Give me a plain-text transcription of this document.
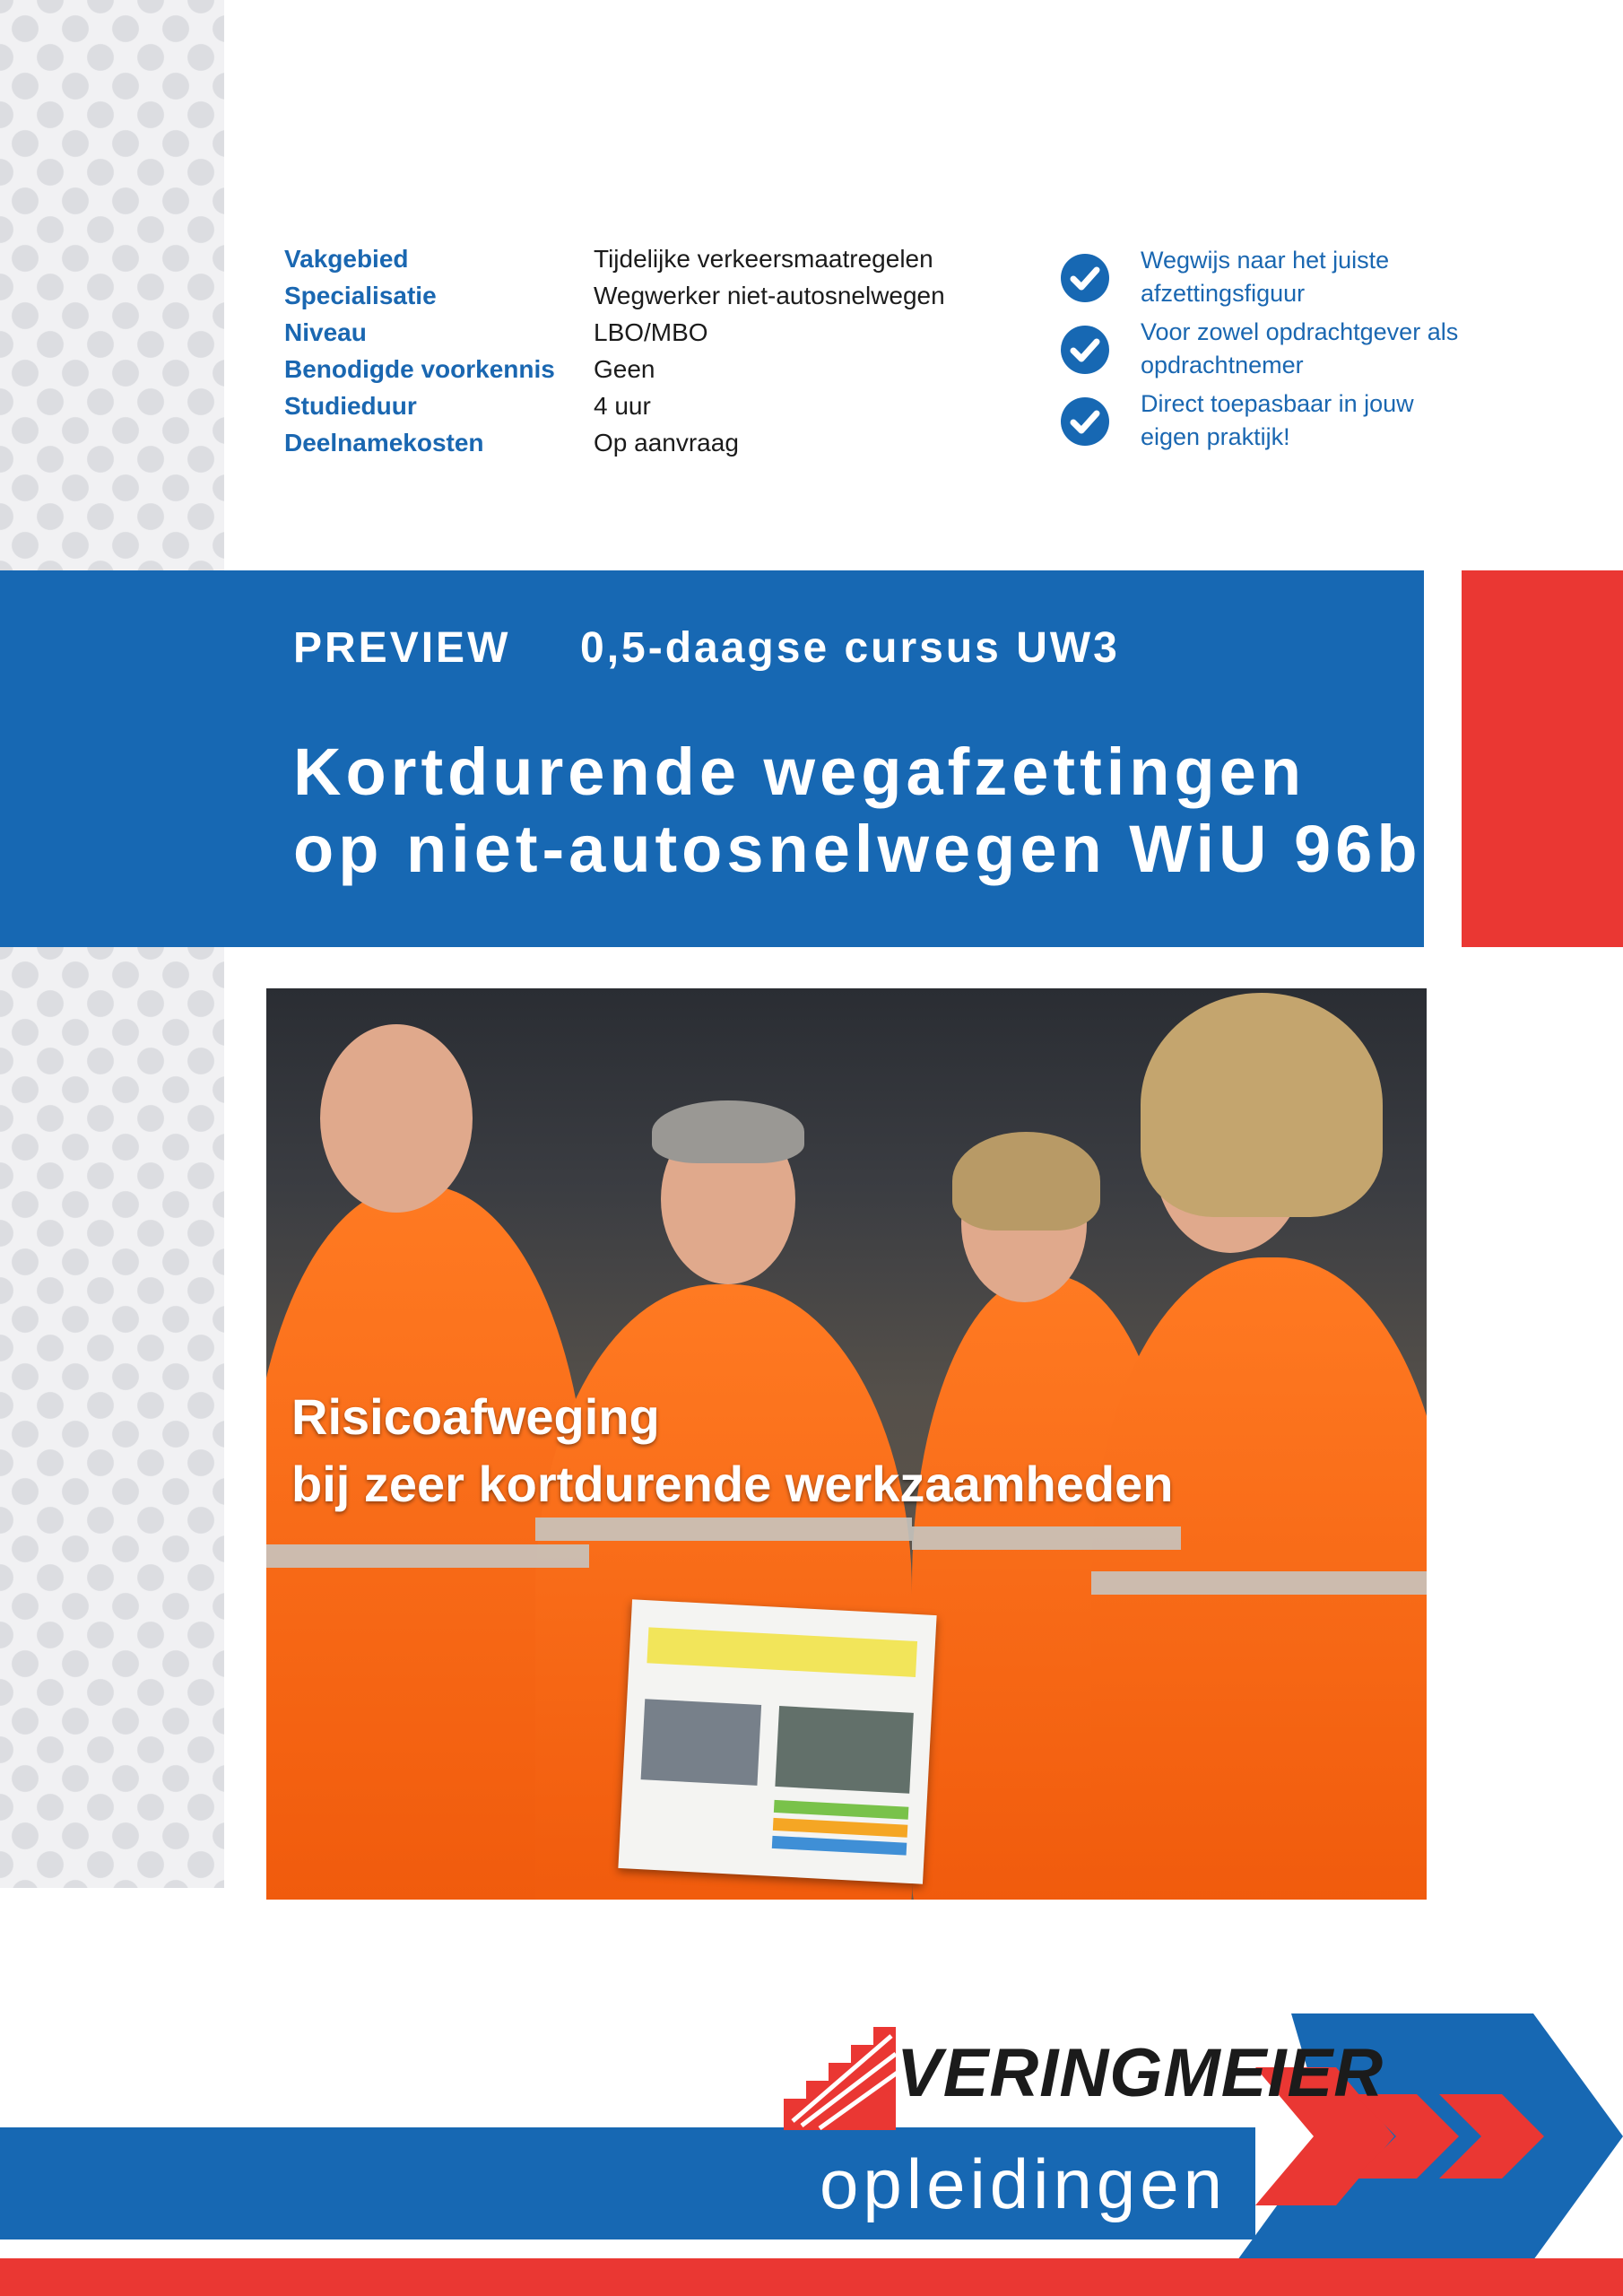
Vakgebied	Tijdelijke verkeersmaatregelen
Specialisatie	Wegwerker niet-autosnelwegen
Niveau	LBO/MBO
Benodigde voorkennis	Geen
Studieduur	4 uur
Deelnamekosten	Op aanvraag
Wegwijs naar het juiste
afzettingsfiguur
Voor zowel opdrachtgever als
opdrachtnemer
Direct toepasbaar in jouw
eigen praktijk!
PREVIEW 0,5-daagse cursus UW3
Kortdurende wegafzettingen
op niet-autosnelwegen WiU 96b
Risicoafweging
bij zeer kortdurende werkzaamheden
VERINGMEIER
opleidingen
